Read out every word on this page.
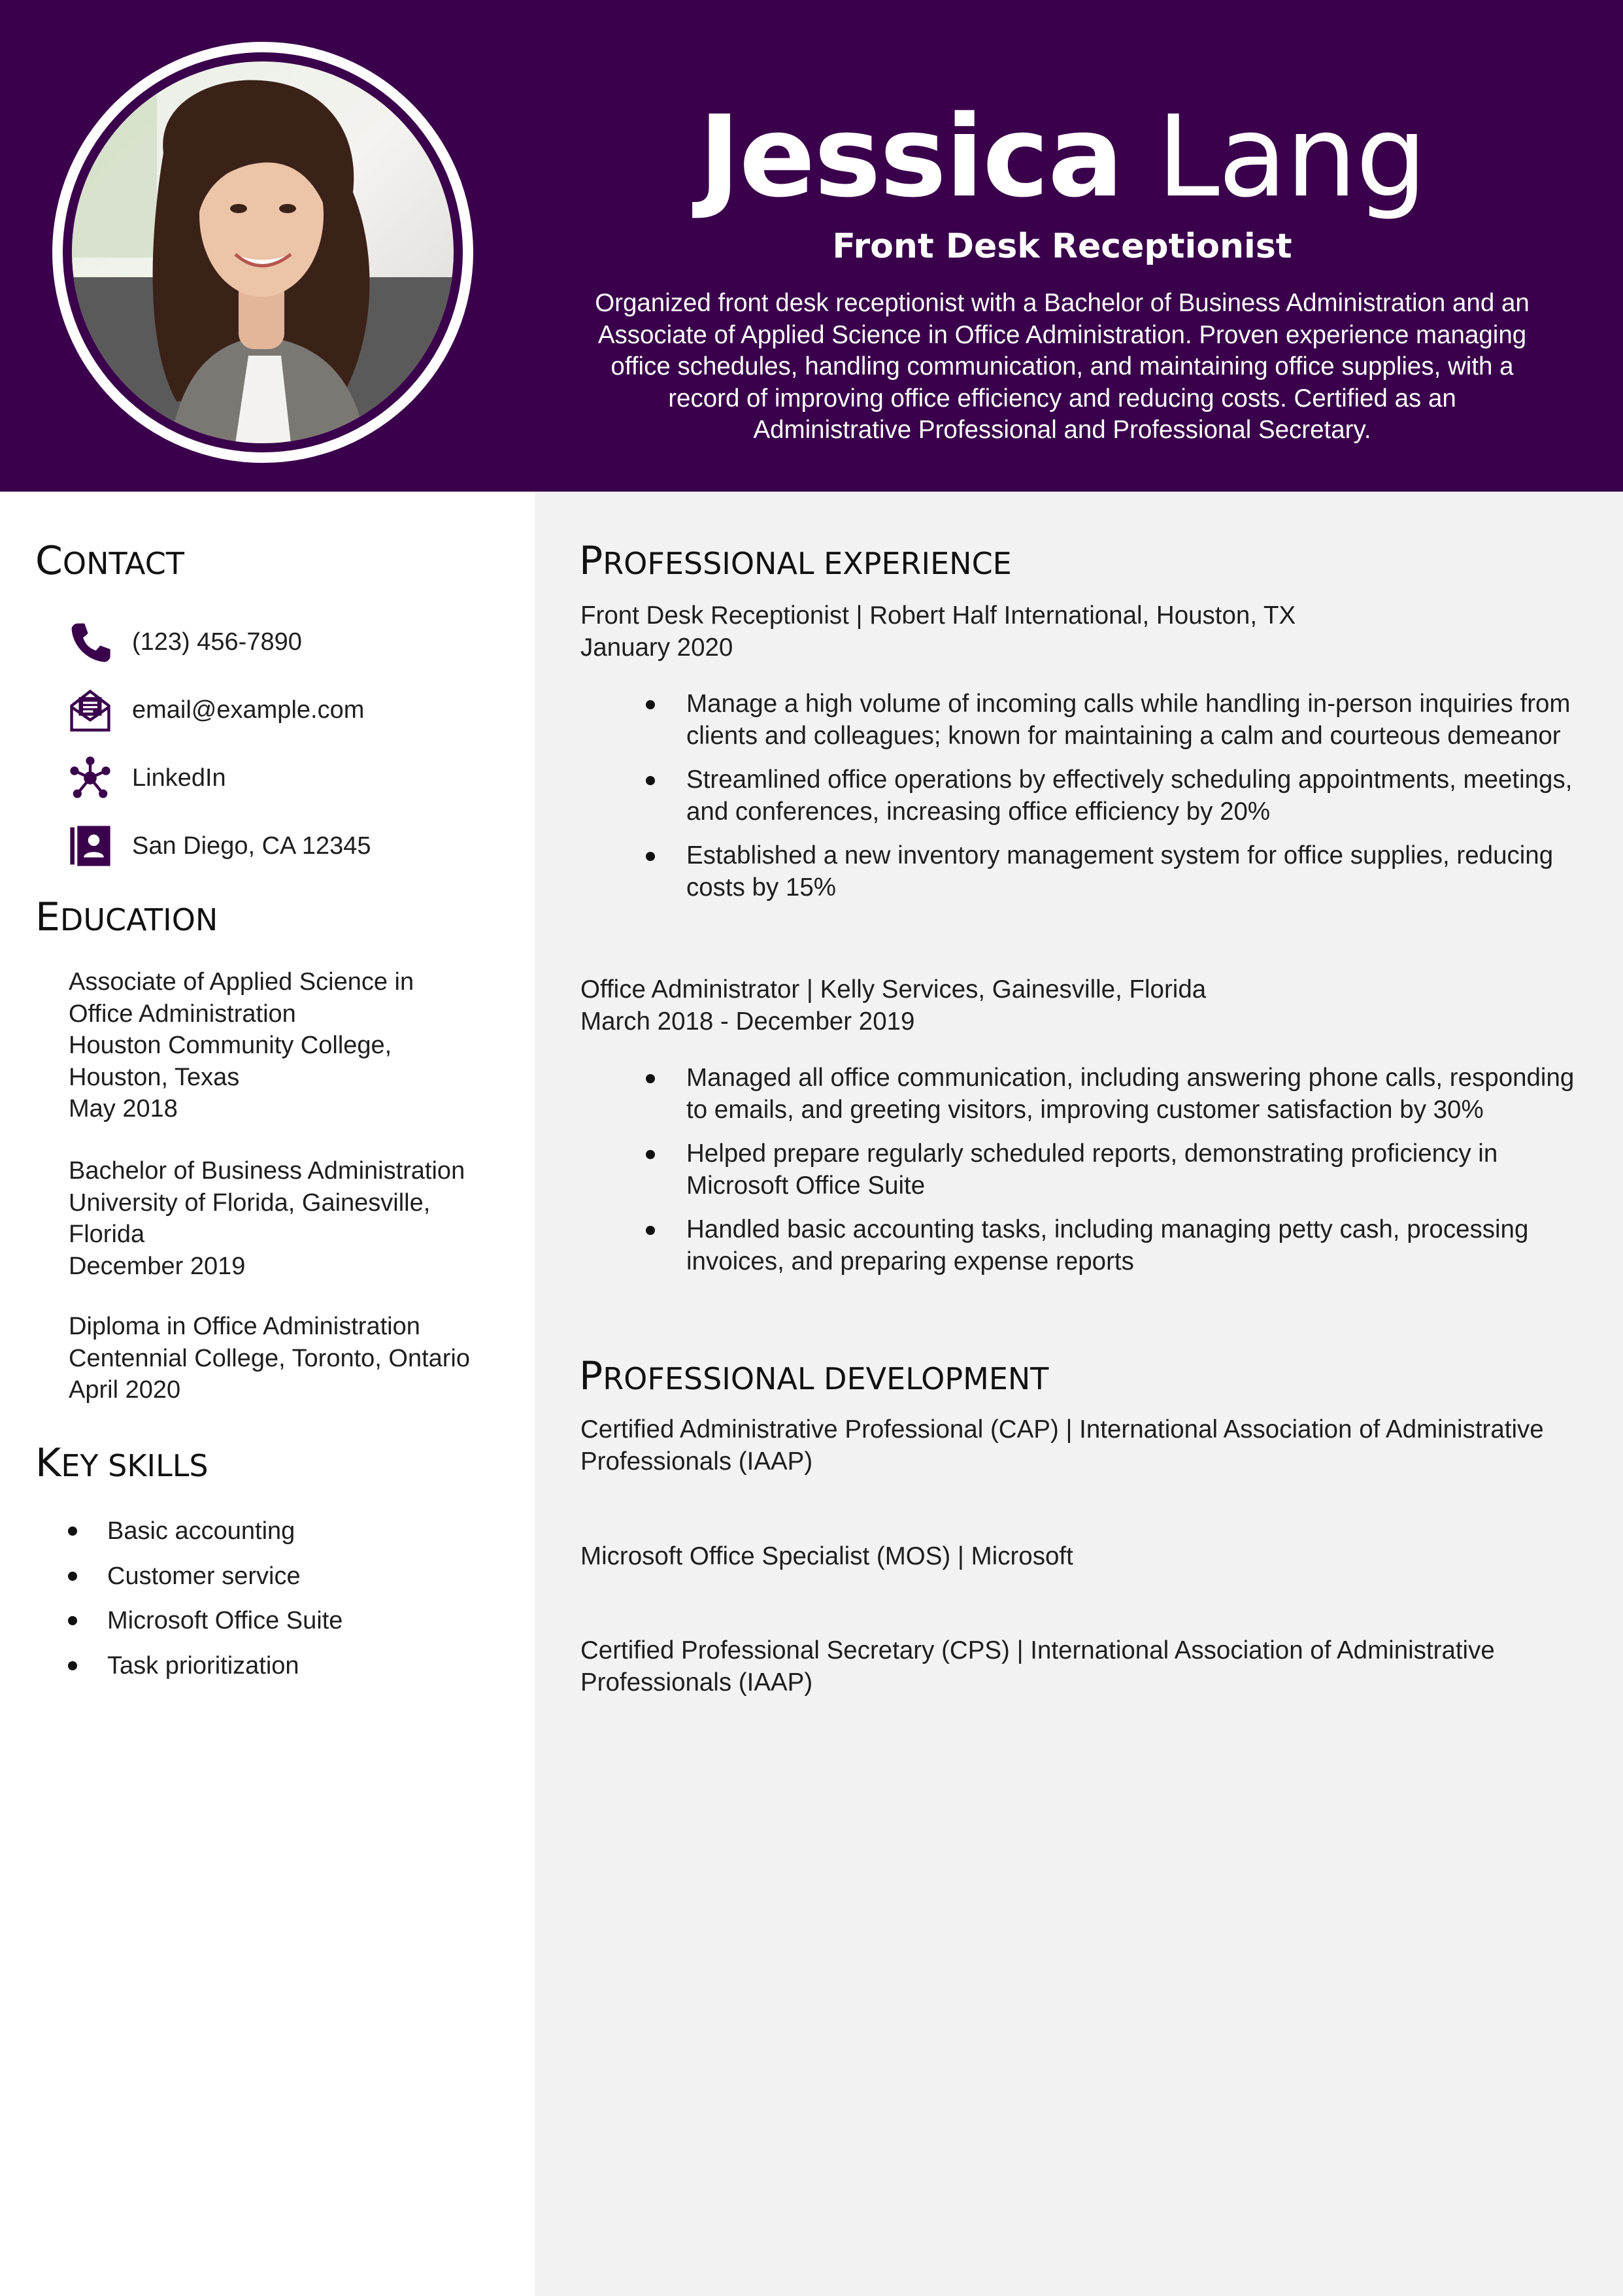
Jessica Lang
Front Desk Receptionist
Organized front desk receptionist with a Bachelor of Business Administration and an Associate of Applied Science in Office Administration. Proven experience managing office schedules, handling communication, and maintaining office supplies, with a record of improving office efficiency and reducing costs. Certified as an Administrative Professional and Professional Secretary.
CONTACT
(123) 456-7890
email@example.com
LinkedIn
San Diego, CA 12345
EDUCATION
Associate of Applied Science in
Office Administration
Houston Community College,
Houston, Texas
May 2018
Bachelor of Business Administration
University of Florida, Gainesville,
Florida
December 2019
Diploma in Office Administration
Centennial College, Toronto, Ontario
April 2020
KEY SKILLS
Basic accounting
Customer service
Microsoft Office Suite
Task prioritization
PROFESSIONAL EXPERIENCE
Front Desk Receptionist | Robert Half International, Houston, TX
January 2020
Manage a high volume of incoming calls while handling in-person inquiries from clients and colleagues; known for maintaining a calm and courteous demeanor
Streamlined office operations by effectively scheduling appointments, meetings, and conferences, increasing office efficiency by 20%
Established a new inventory management system for office supplies, reducing costs by 15%
Office Administrator | Kelly Services, Gainesville, Florida
March 2018 - December 2019
Managed all office communication, including answering phone calls, responding to emails, and greeting visitors, improving customer satisfaction by 30%
Helped prepare regularly scheduled reports, demonstrating proficiency in Microsoft Office Suite
Handled basic accounting tasks, including managing petty cash, processing invoices, and preparing expense reports
PROFESSIONAL DEVELOPMENT
Certified Administrative Professional (CAP) | International Association of Administrative Professionals (IAAP)
Microsoft Office Specialist (MOS) | Microsoft
Certified Professional Secretary (CPS) | International Association of Administrative Professionals (IAAP)
